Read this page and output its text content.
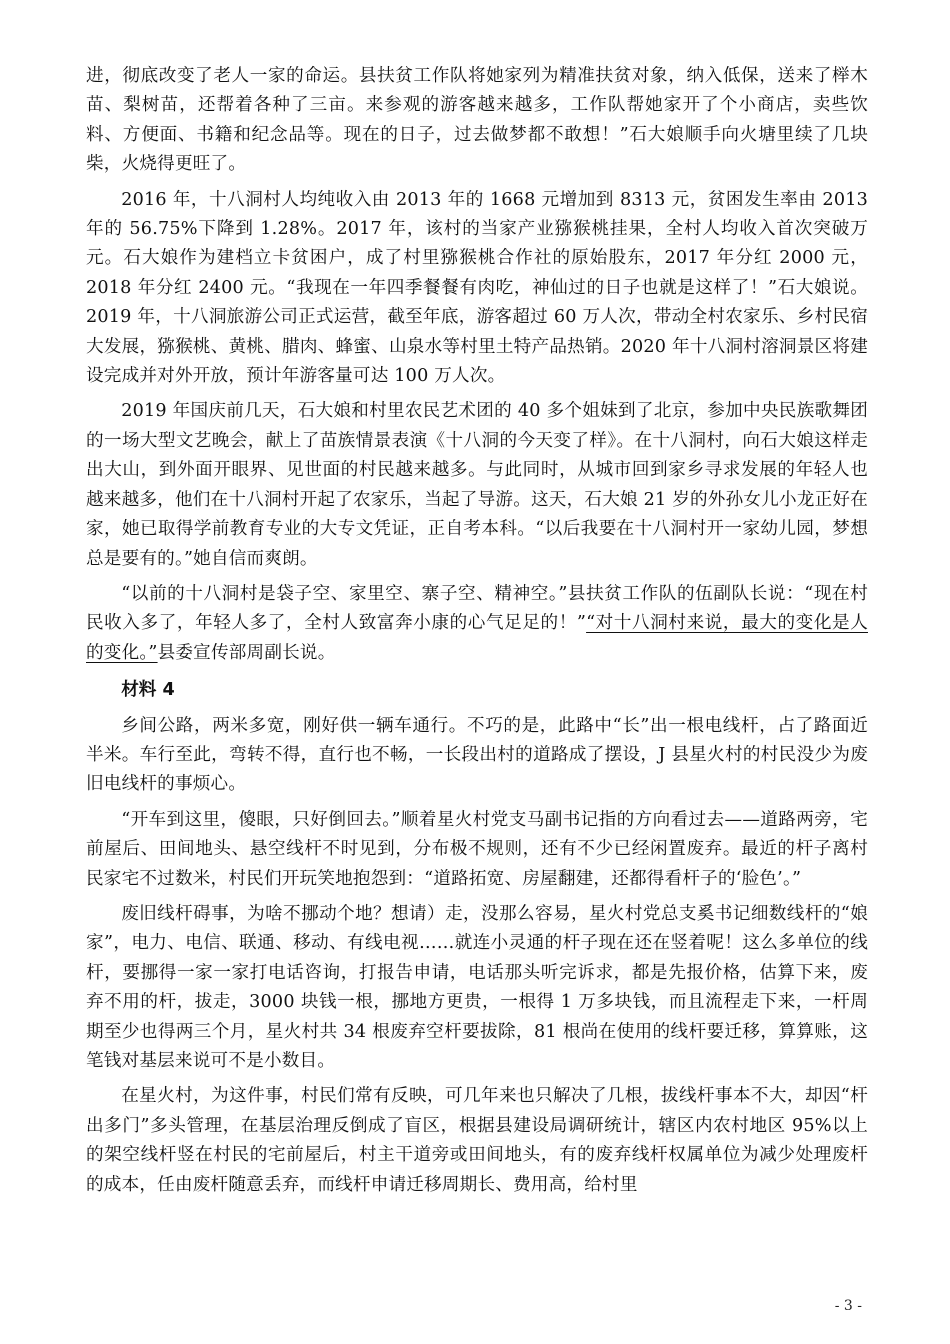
进，彻底改变了老人一家的命运。县扶贫工作队将她家列为精准扶贫对象，纳入低保，送来了榉木苗、梨树苗，还帮着各种了三亩。来参观的游客越来越多，工作队帮她家开了个小商店，卖些饮料、方便面、书籍和纪念品等。现在的日子，过去做梦都不敢想！”石大娘顺手向火塘里续了几块柴，火烧得更旺了。

2016 年，十八洞村人均纯收入由 2013 年的 1668 元增加到 8313 元，贫困发生率由 2013 年的 56.75%下降到 1.28%。2017 年，该村的当家产业猕猴桃挂果，全村人均收入首次突破万元。石大娘作为建档立卡贫困户，成了村里猕猴桃合作社的原始股东，2017 年分红 2000 元，2018 年分红 2400 元。“我现在一年四季餐餐有肉吃，神仙过的日子也就是这样了！”石大娘说。2019 年，十八洞旅游公司正式运营，截至年底，游客超过 60 万人次，带动全村农家乐、乡村民宿大发展，猕猴桃、黄桃、腊肉、蜂蜜、山泉水等村里土特产品热销。2020 年十八洞村溶洞景区将建设完成并对外开放，预计年游客量可达 100 万人次。

2019 年国庆前几天，石大娘和村里农民艺术团的 40 多个姐妹到了北京，参加中央民族歌舞团的一场大型文艺晚会，献上了苗族情景表演《十八洞的今天变了样》。在十八洞村，向石大娘这样走出大山，到外面开眼界、见世面的村民越来越多。与此同时，从城市回到家乡寻求发展的年轻人也越来越多，他们在十八洞村开起了农家乐，当起了导游。这天，石大娘 21 岁的外孙女儿小龙正好在家，她已取得学前教育专业的大专文凭证，正自考本科。“以后我要在十八洞村开一家幼儿园，梦想总是要有的。”她自信而爽朗。

“以前的十八洞村是袋子空、家里空、寨子空、精神空。”县扶贫工作队的伍副队长说：“现在村民收入多了，年轻人多了，全村人致富奔小康的心气足足的！”“对十八洞村来说，最大的变化是人的变化。”县委宣传部周副长说。

材料 4

乡间公路，两米多宽，刚好供一辆车通行。不巧的是，此路中“长”出一根电线杆，占了路面近半米。车行至此，弯转不得，直行也不畅，一长段出村的道路成了摆设，J 县星火村的村民没少为废旧电线杆的事烦心。

“开车到这里，傻眼，只好倒回去。”顺着星火村党支马副书记指的方向看过去——道路两旁，宅前屋后、田间地头、悬空线杆不时见到，分布极不规则，还有不少已经闲置废弃。最近的杆子离村民家宅不过数米，村民们开玩笑地抱怨到：“道路拓宽、房屋翻建，还都得看杆子的‘脸色’。”

废旧线杆碍事，为啥不挪动个地？想请）走，没那么容易，星火村党总支奚书记细数线杆的“娘家”，电力、电信、联通、移动、有线电视……就连小灵通的杆子现在还在竖着呢！这么多单位的线杆，要挪得一家一家打电话咨询，打报告申请，电话那头听完诉求，都是先报价格，估算下来，废弃不用的杆，拔走，3000 块钱一根，挪地方更贵，一根得 1 万多块钱，而且流程走下来，一杆周期至少也得两三个月，星火村共 34 根废弃空杆要拔除，81 根尚在使用的线杆要迁移，算算账，这笔钱对基层来说可不是小数目。

在星火村，为这件事，村民们常有反映，可几年来也只解决了几根，拔线杆事本不大，却因“杆出多门”多头管理，在基层治理反倒成了盲区，根据县建设局调研统计，辖区内农村地区 95%以上的架空线杆竖在村民的宅前屋后，村主干道旁或田间地头，有的废弃线杆权属单位为减少处理废杆的成本，任由废杆随意丢弃，而线杆申请迁移周期长、费用高，给村里

- 3 -
